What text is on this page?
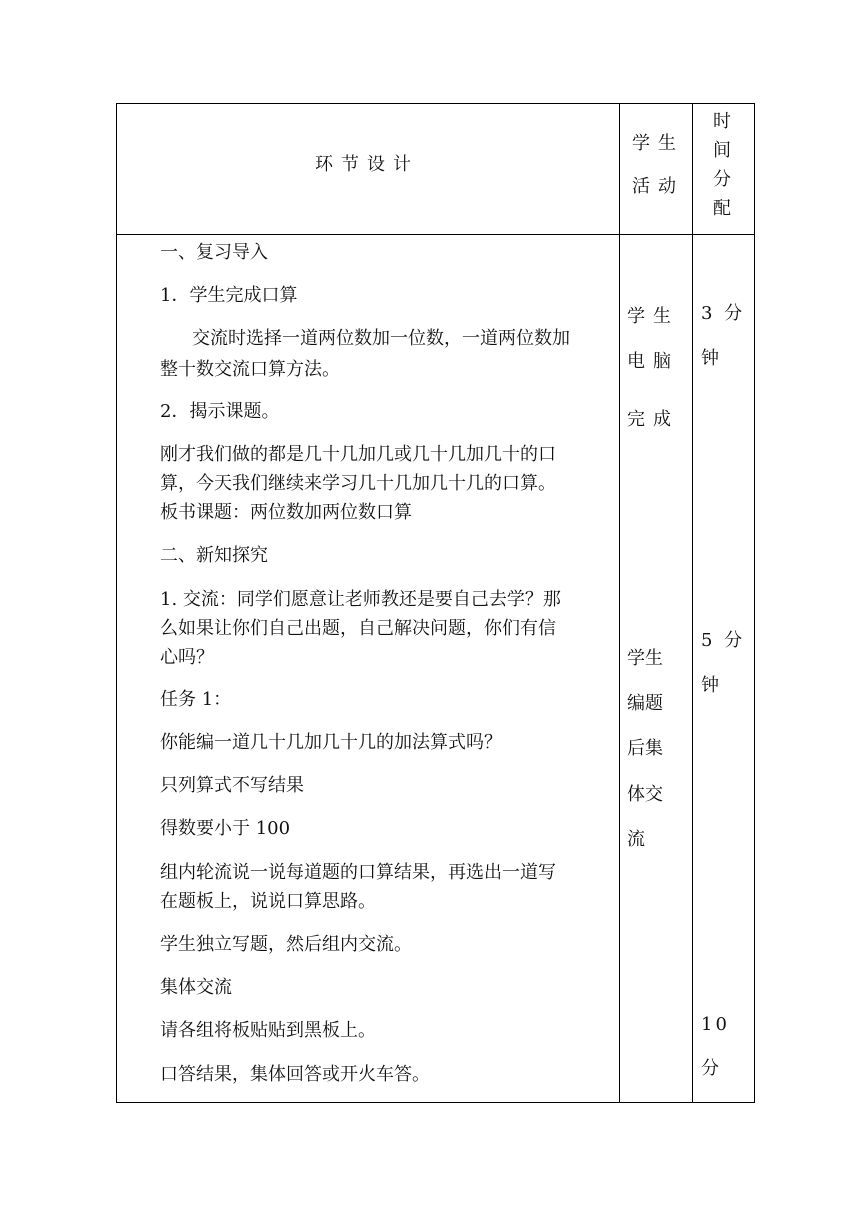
环节设计
学生
活动
时
间
分
配
一、复习导入
1．学生完成口算
交流时选择一道两位数加一位数，一道两位数加
整十数交流口算方法。
2．揭示课题。
刚才我们做的都是几十几加几或几十几加几十的口
算，今天我们继续来学习几十几加几十几的口算。
板书课题：两位数加两位数口算
二、新知探究
1. 交流：同学们愿意让老师教还是要自己去学？那
么如果让你们自己出题，自己解决问题，你们有信
心吗？
任务 1：
你能编一道几十几加几十几的加法算式吗？
只列算式不写结果
得数要小于 100
组内轮流说一说每道题的口算结果，再选出一道写
在题板上，说说口算思路。
学生独立写题，然后组内交流。
集体交流
请各组将板贴贴到黑板上。
口答结果，集体回答或开火车答。
学生
电脑
完成
学生
编题
后集
体交
流
3 分
钟
5 分
钟
10
分
